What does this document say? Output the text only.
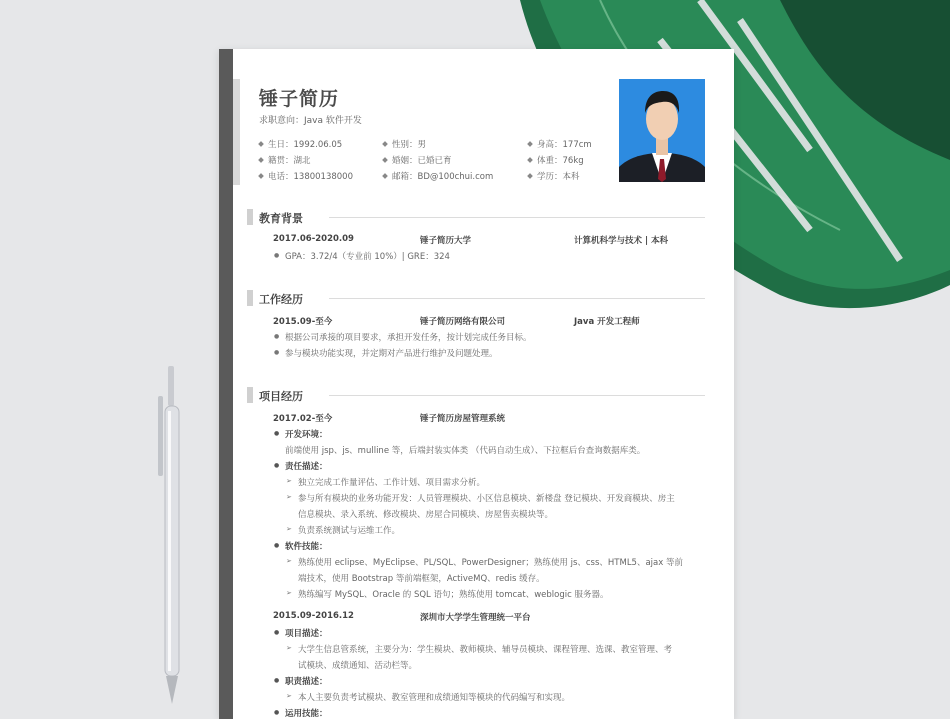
锤子简历
求职意向：Java 软件开发
生日：1992.06.05	性别：男	身高：177cm
籍贯：湖北	婚姻：已婚已育	体重：76kg
电话：13800138000	邮箱：BD@100chui.com	学历：本科
教育背景
2017.06-2020.09	锤子简历大学	计算机科学与技术 | 本科
● GPA：3.72/4（专业前 10%）| GRE：324
工作经历
2015.09-至今	锤子简历网络有限公司	Java 开发工程师
● 根据公司承接的项目要求，承担开发任务，按计划完成任务目标。
● 参与模块功能实现，并定期对产品进行维护及问题处理。
项目经历
2017.02-至今	锤子简历房屋管理系统
● 开发环境：
前端使用 jsp、js、mulline 等，后端封装实体类 （代码自动生成）、下拉框后台查询数据库类。
● 责任描述：
➢ 独立完成工作量评估、工作计划、项目需求分析。
➢ 参与所有模块的业务功能开发：人员管理模块、小区信息模块、新楼盘 登记模块、开发商模块、房主
信息模块、录入系统、修改模块、房屋合同模块、房屋售卖模块等。
➢ 负责系统测试与运维工作。
● 软件技能：
➢ 熟练使用 eclipse、MyEclipse、PL/SQL、PowerDesigner；熟练使用 js、css、HTML5、ajax 等前
端技术，使用 Bootstrap 等前端框架，ActiveMQ、redis 缓存。
➢ 熟练编写 MySQL、Oracle 的 SQL 语句；熟练使用 tomcat、weblogic 服务器。
2015.09-2016.12	深圳市大学学生管理统一平台
● 项目描述：
➢ 大学生信息管系统，主要分为：学生模块、教师模块、辅导员模块、课程管理、选课、教室管理、考
试模块、成绩通知、活动栏等。
● 职责描述：
➢ 本人主要负责考试模块、教室管理和成绩通知等模块的代码编写和实现。
● 运用技能：
